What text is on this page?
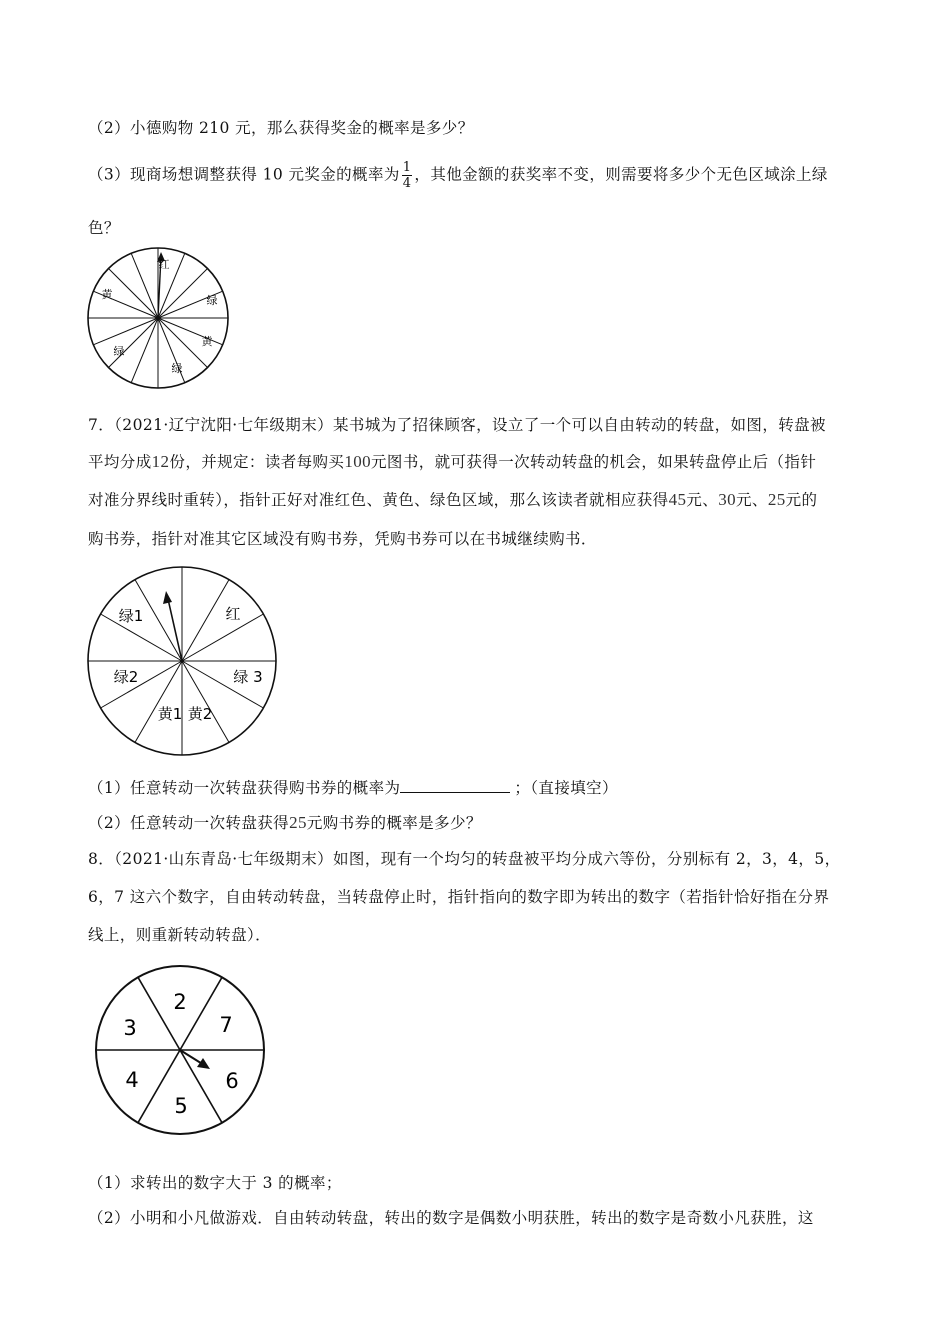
（2）小德购物 210 元，那么获得奖金的概率是多少？
（3）现商场想调整获得 10 元奖金的概率为 $\frac{1}{4}$ ，其他金额的获奖率不变，则需要将多少个无色区域涂上绿
色？
红
黄	绿
黄
绿
绿
7．（2021·辽宁沈阳·七年级期末）某书城为了招徕顾客，设立了一个可以自由转动的转盘，如图，转盘被
平均分成12份，并规定：读者每购买100元图书，就可获得一次转动转盘的机会，如果转盘停止后（指针
对准分界线时重转），指针正好对准红色、黄色、绿色区域，那么该读者就相应获得45元、30元、25元的
购书券，指针对准其它区域没有购书券，凭购书券可以在书城继续购书．
绿1	红
绿2	绿 3
黄1 黄2
（1）任意转动一次转盘获得购书券的概率为	；（直接填空）
（2）任意转动一次转盘获得25元购书券的概率是多少？
8．（2021·山东青岛·七年级期末）如图，现有一个均匀的转盘被平均分成六等份，分别标有 2，3，4，5，
6，7 这六个数字，自由转动转盘，当转盘停止时，指针指向的数字即为转出的数字（若指针恰好指在分界
线上，则重新转动转盘）．
2
7
6
5
4
3
（1）求转出的数字大于 3 的概率；
（2）小明和小凡做游戏．自由转动转盘，转出的数字是偶数小明获胜，转出的数字是奇数小凡获胜，这
